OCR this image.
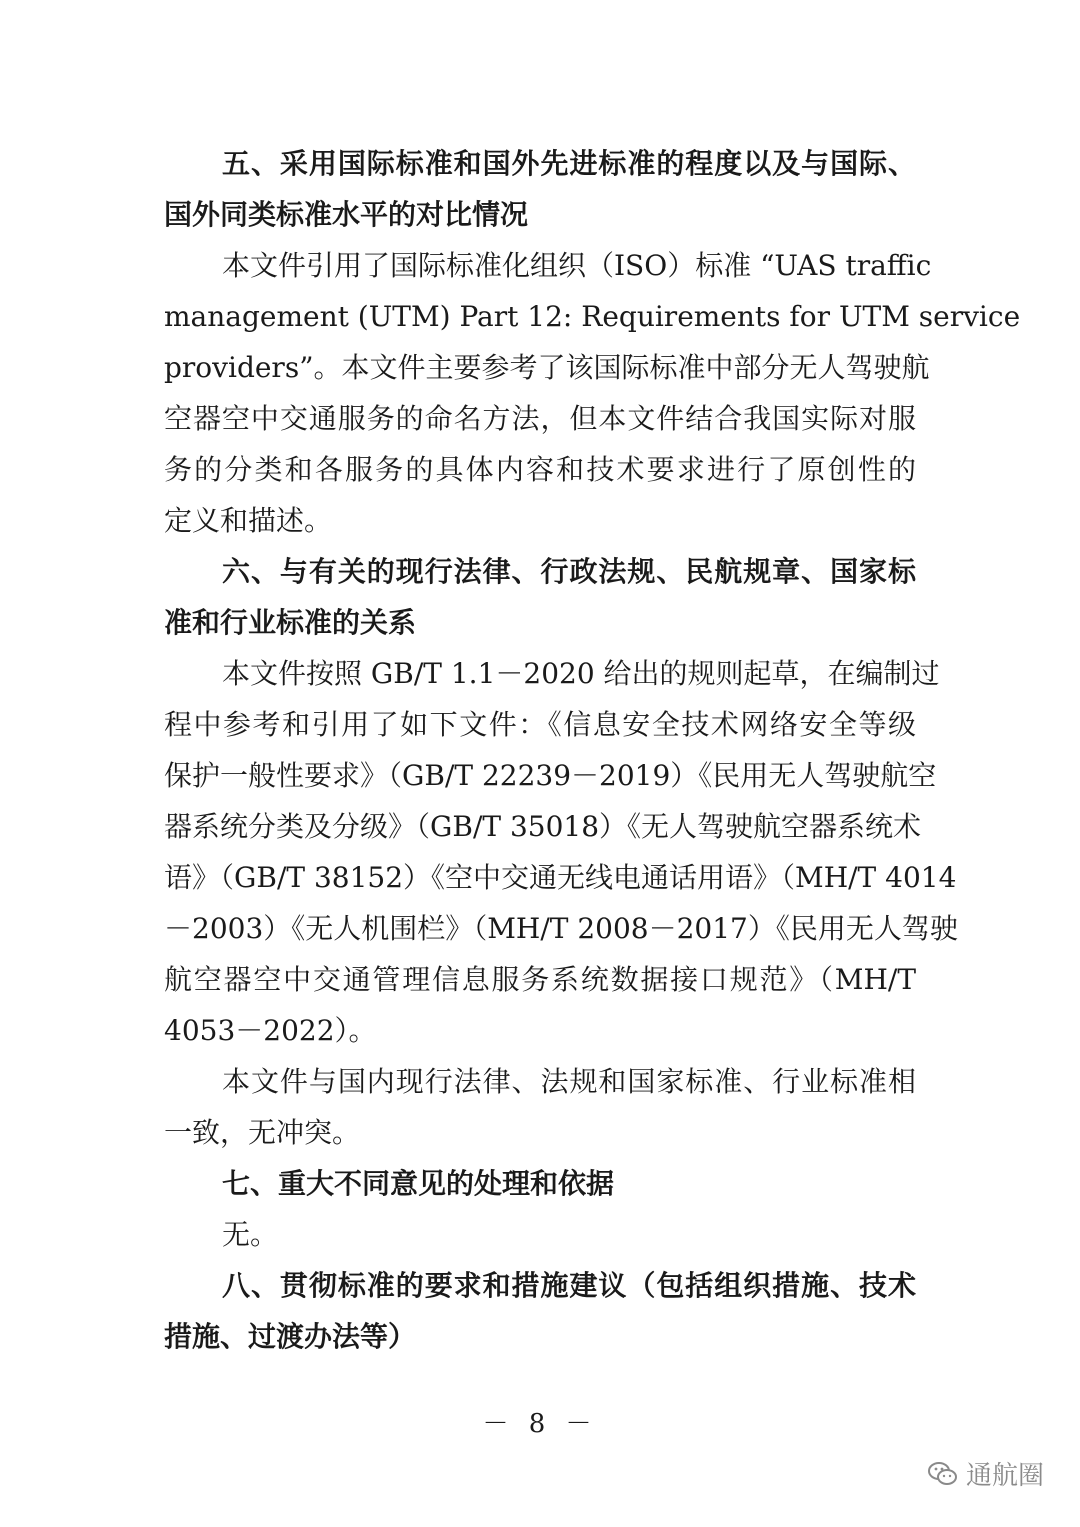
五、采用国际标准和国外先进标准的程度以及与国际、
国外同类标准水平的对比情况
本文件引用了国际标准化组织（ISO）标准 “UAS traffic
management (UTM) Part 12: Requirements for UTM service
providers”。本文件主要参考了该国际标准中部分无人驾驶航
空器空中交通服务的命名方法，但本文件结合我国实际对服
务的分类和各服务的具体内容和技术要求进行了原创性的
定义和描述。
六、与有关的现行法律、行政法规、民航规章、国家标
准和行业标准的关系
本文件按照 GB/T 1.1－2020 给出的规则起草，在编制过
程中参考和引用了如下文件：《信息安全技术网络安全等级
保护一般性要求》（GB/T 22239－2019）《民用无人驾驶航空
器系统分类及分级》（GB/T 35018）《无人驾驶航空器系统术
语》（GB/T 38152）《空中交通无线电通话用语》（MH/T 4014
－2003）《无人机围栏》（MH/T 2008－2017）《民用无人驾驶
航空器空中交通管理信息服务系统数据接口规范》（MH/T
4053－2022）。
本文件与国内现行法律、法规和国家标准、行业标准相
一致，无冲突。
七、重大不同意见的处理和依据
无。
八、贯彻标准的要求和措施建议（包括组织措施、技术
措施、过渡办法等）
－ 8 －
通航圈
